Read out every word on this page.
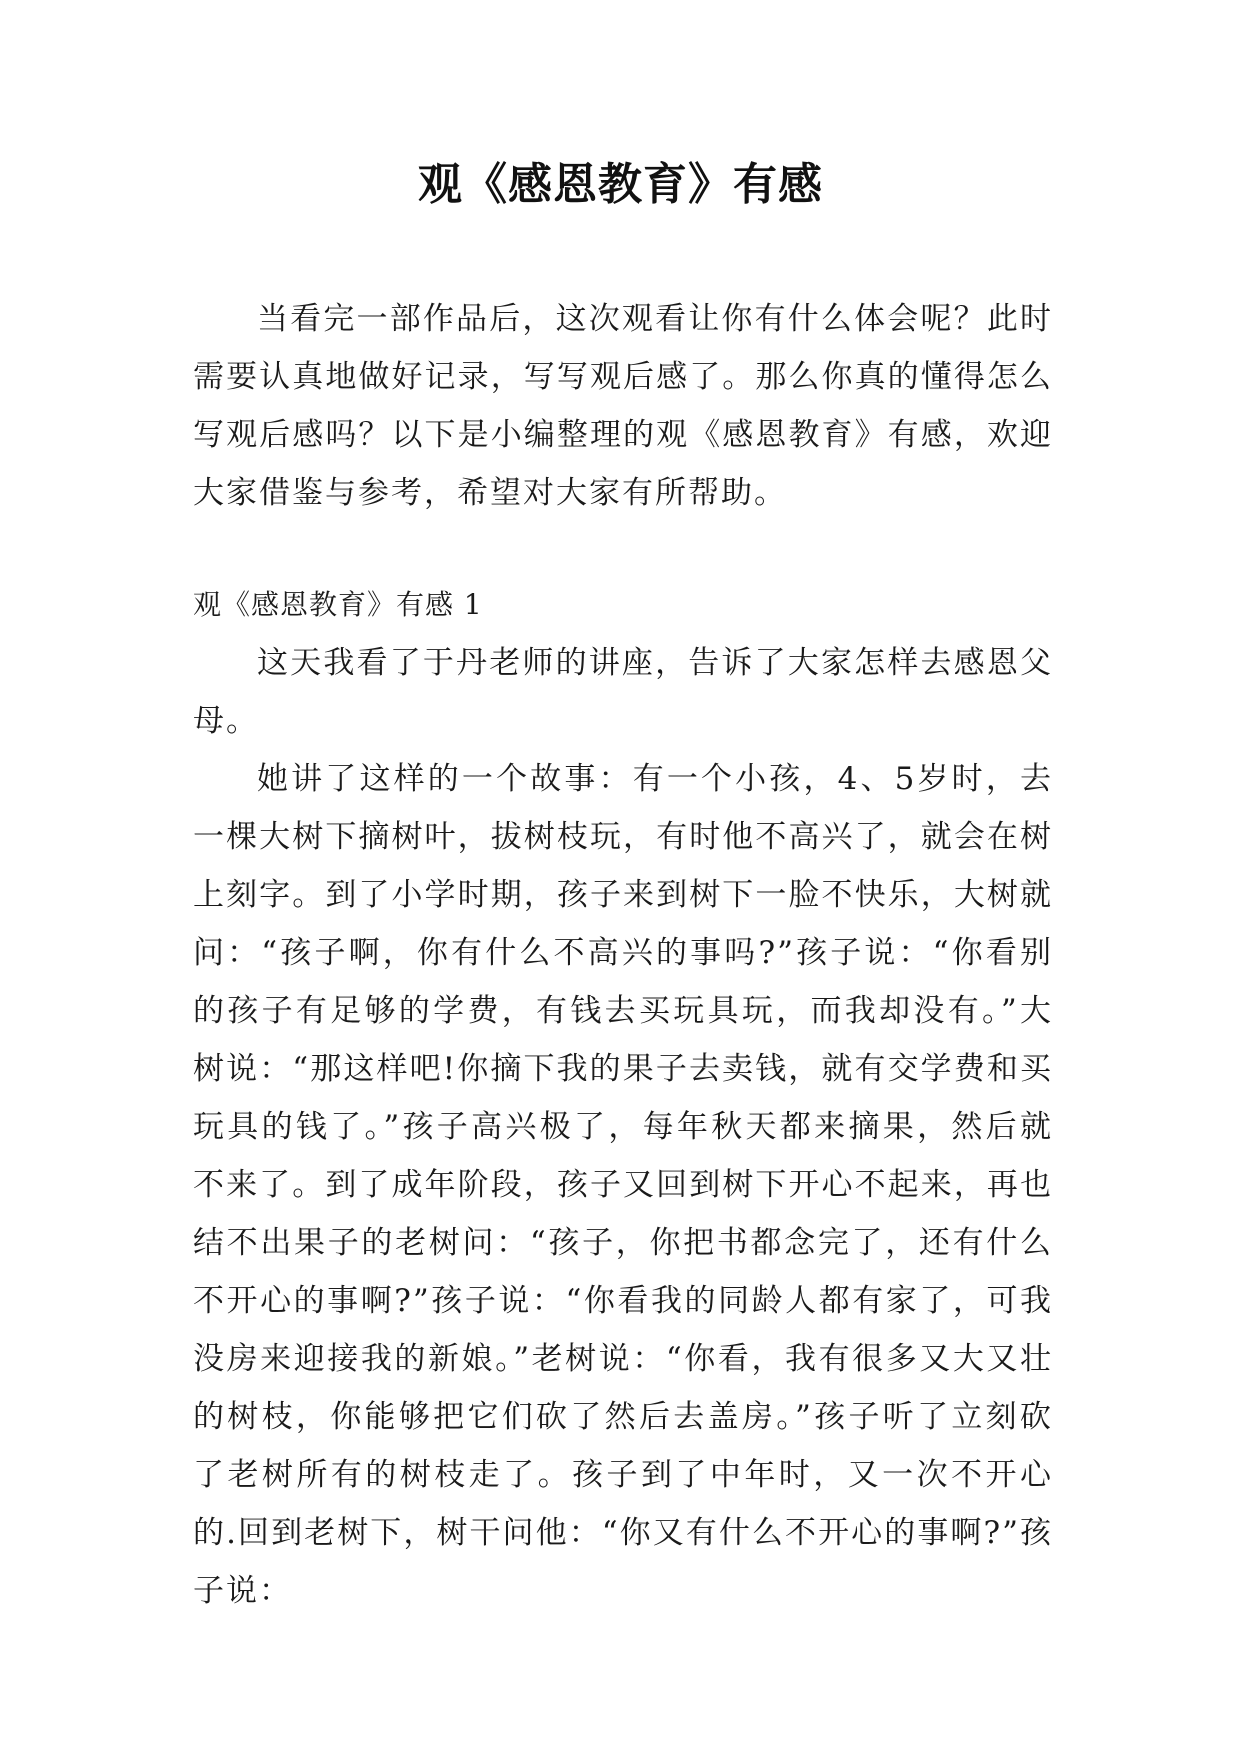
观《感恩教育》有感

当看完一部作品后，这次观看让你有什么体会呢？此时需要认真地做好记录，写写观后感了。那么你真的懂得怎么写观后感吗？以下是小编整理的观《感恩教育》有感，欢迎大家借鉴与参考，希望对大家有所帮助。

观《感恩教育》有感 1

这天我看了于丹老师的讲座，告诉了大家怎样去感恩父母。

她讲了这样的一个故事：有一个小孩，4、5岁时，去一棵大树下摘树叶，拔树枝玩，有时他不高兴了，就会在树上刻字。到了小学时期，孩子来到树下一脸不快乐，大树就问：“孩子啊，你有什么不高兴的事吗?”孩子说：“你看别的孩子有足够的学费，有钱去买玩具玩，而我却没有。”大树说：“那这样吧!你摘下我的果子去卖钱，就有交学费和买玩具的钱了。”孩子高兴极了，每年秋天都来摘果，然后就不来了。到了成年阶段，孩子又回到树下开心不起来，再也结不出果子的老树问：“孩子，你把书都念完了，还有什么不开心的事啊?”孩子说：“你看我的同龄人都有家了，可我没房来迎接我的新娘。”老树说：“你看，我有很多又大又壮的树枝，你能够把它们砍了然后去盖房。”孩子听了立刻砍了老树所有的树枝走了。孩子到了中年时，又一次不开心的.回到老树下，树干问他：“你又有什么不开心的事啊?”孩子说：
